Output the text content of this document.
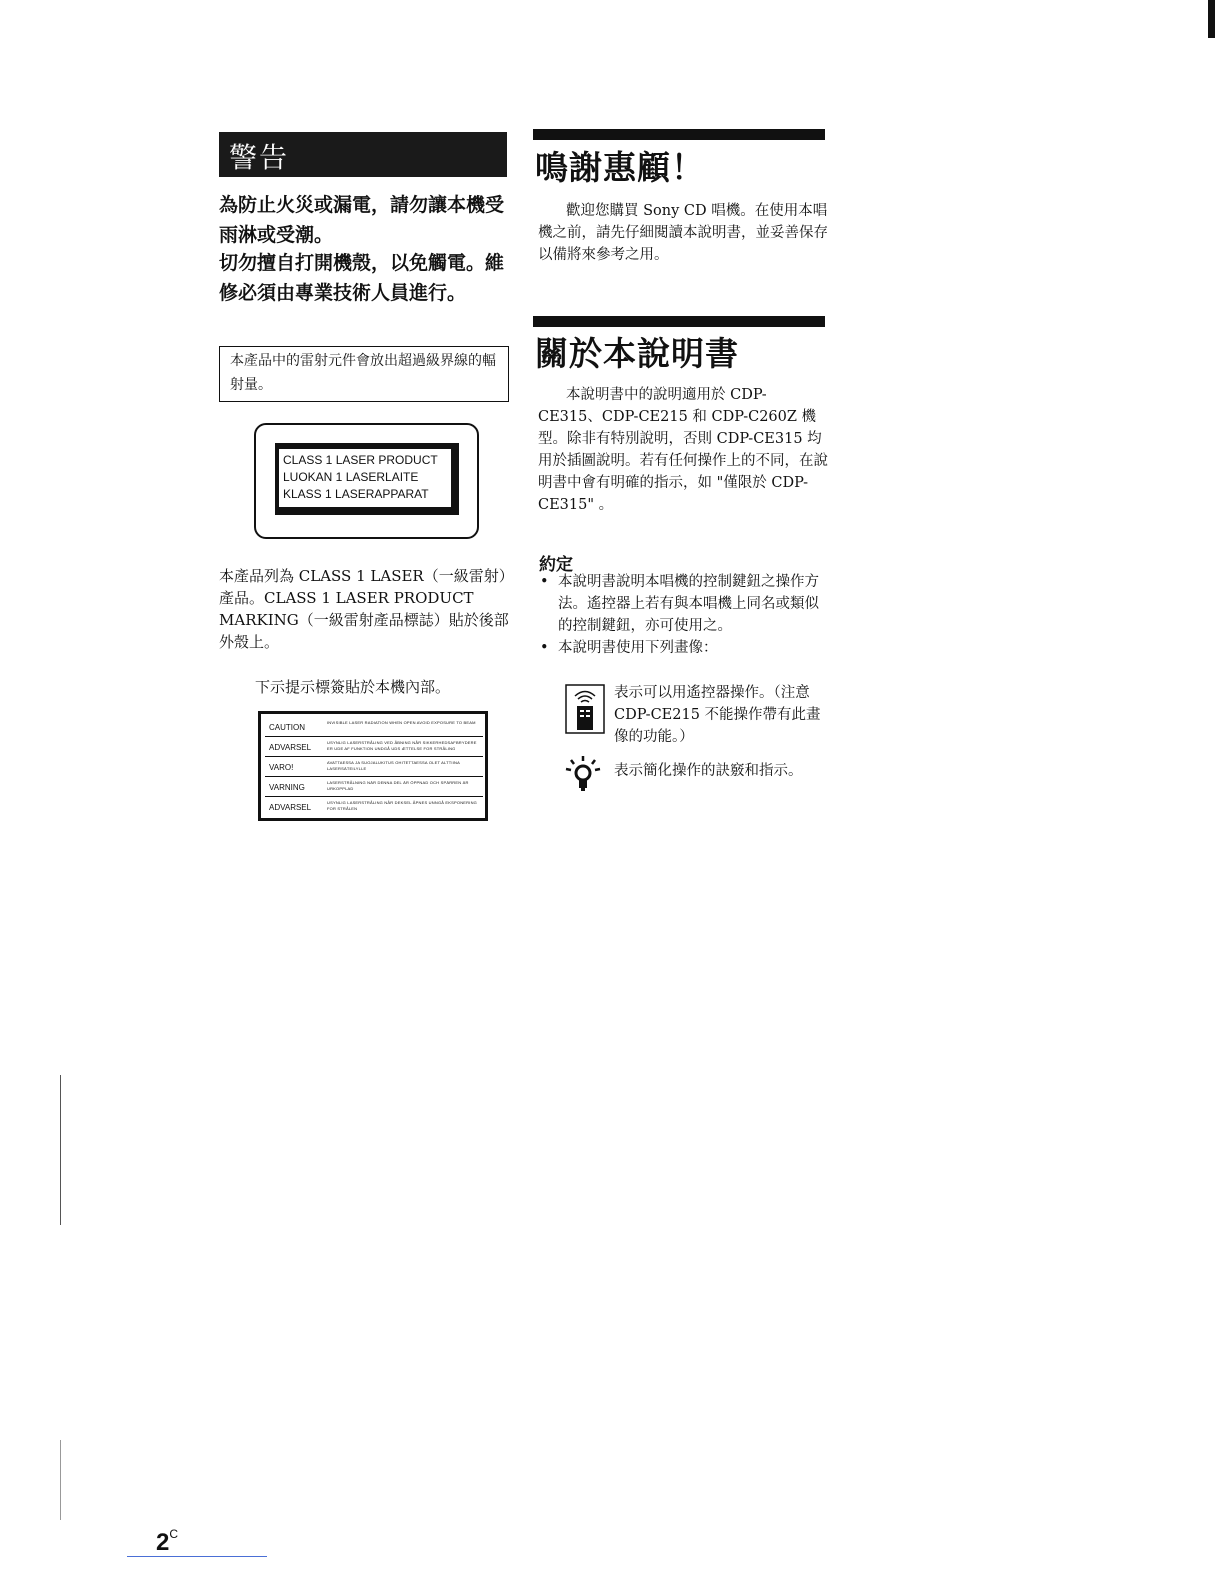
警告
為防止火災或漏電，請勿讓本機受雨淋或受潮。
切勿擅自打開機殼，以免觸電。維修必須由專業技術人員進行。
本產品中的雷射元件會放出超過級界線的輻射量。
CLASS 1 LASER PRODUCT
LUOKAN 1 LASERLAITE
KLASS 1 LASERAPPARAT
本產品列為 CLASS 1 LASER（一級雷射）產品。CLASS 1 LASER PRODUCT MARKING（一級雷射產品標誌）貼於後部外殼上。
下示提示標簽貼於本機內部。
CAUTION
INVISIBLE LASER RADIATION WHEN OPEN AVOID EXPOSURE TO BEAM
ADVARSEL
USYNLIG LASERSTRÅLING VED ÅBNING NÅR SIKKERHEDSAFBRYDERE ER UDE AF FUNKTION UNDGÅ UDS ÆTTELSE FOR STRÅLING
VARO!
AVATTAESSA JA SUOJALUKITUS OHITETTAESSA OLET ALTTIINA LASERSÄTEILYLLE
VARNING
LASERSTRÅLNING NÄR DENNA DEL ÄR ÖPPNAD OCH SPÄRREN ÄR URKOPPLAD
ADVARSEL
USYNLIG LASERSTRÅLING NÅR DEKSEL ÅPNES UNNGÅ EKSPONERING FOR STRÅLEN
鳴謝惠顧！
歡迎您購買 Sony CD 唱機。在使用本唱機之前，請先仔細閱讀本說明書，並妥善保存以備將來參考之用。
關於本說明書
本說明書中的說明適用於 CDP-CE315、CDP-CE215 和 CDP-C260Z 機型。除非有特別說明，否則 CDP-CE315 均用於插圖說明。若有任何操作上的不同，在說明書中會有明確的指示，如 "僅限於 CDP-CE315" 。
約定
• 本說明書說明本唱機的控制鍵鈕之操作方法。遙控器上若有與本唱機上同名或類似的控制鍵鈕，亦可使用之。
• 本說明書使用下列畫像：
表示可以用遙控器操作。（注意 CDP-CE215 不能操作帶有此畫像的功能。）
表示簡化操作的訣竅和指示。
$2^C$
